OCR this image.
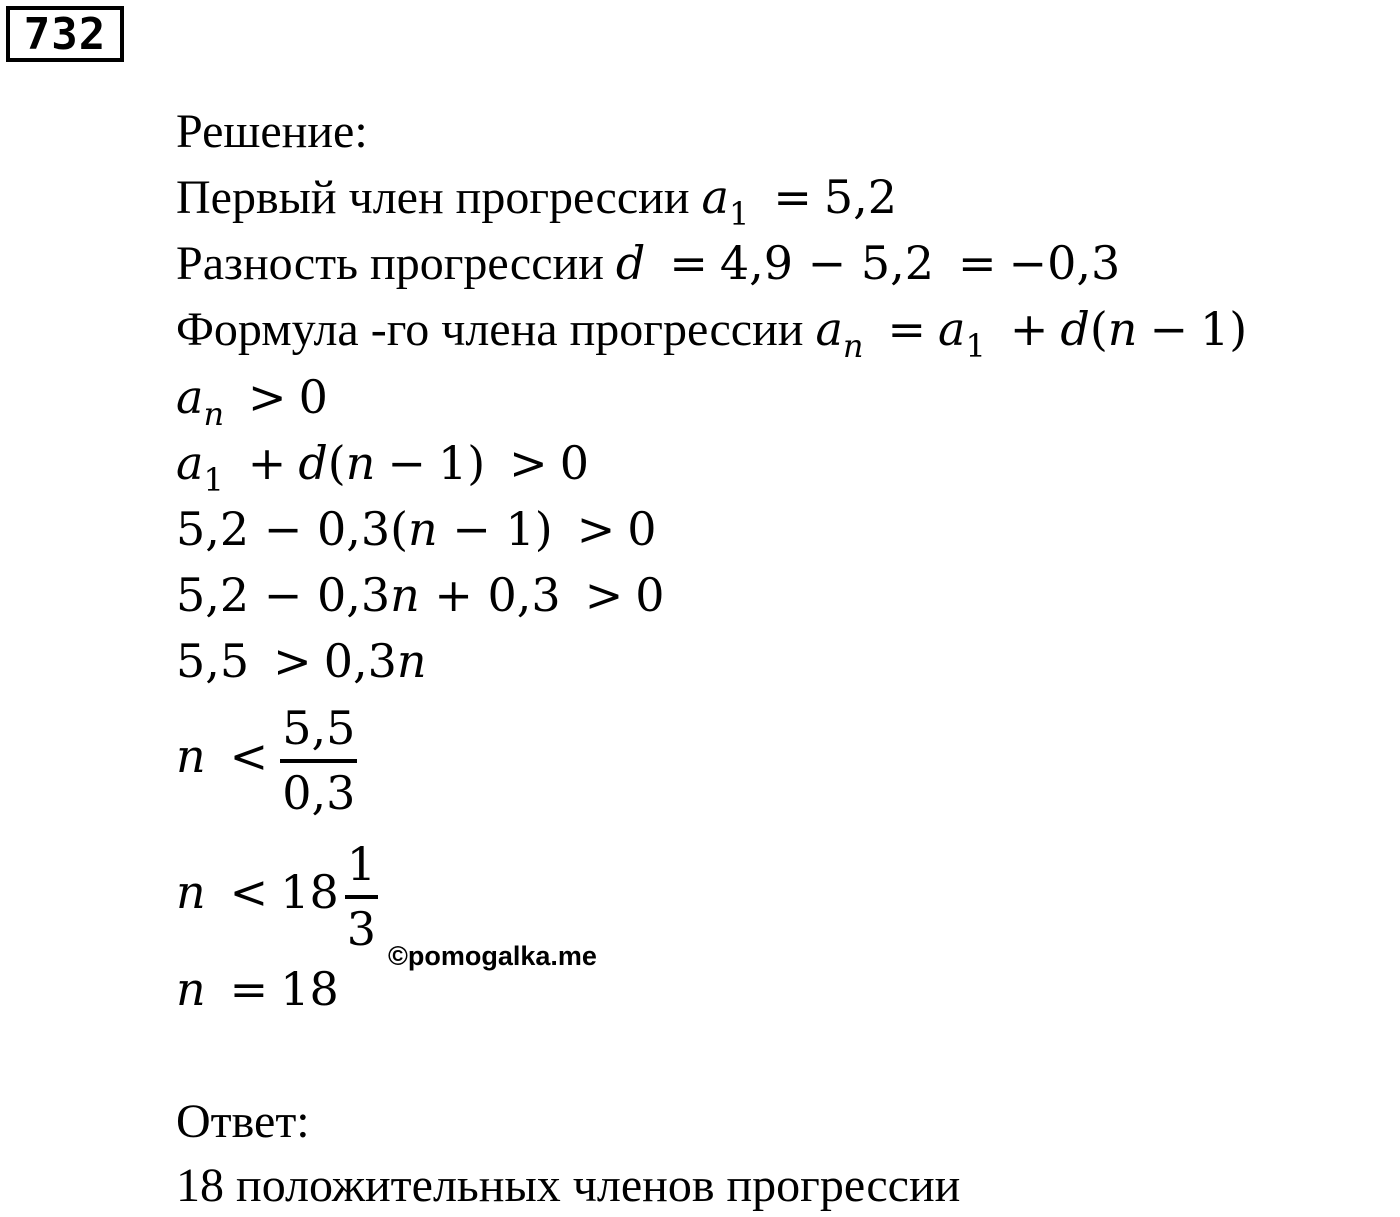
732
Решение:
Первый член прогрессии $a_1 = 5,2$
Разность прогрессии d = 4,9 − 5,2 = −0,3
Формула -го члена прогрессии $a_n = a_1 + d(n - 1)$
$a_n > 0$
$a_1 + d(n - 1) > 0$
5,2 − 0,3(n − 1) > 0
5,2 − 0,3n + 0,3 > 0
5,5 > 0,3n
$n < \frac{5,5}{0,3}$
$n < 18 \frac{1}{3}$
©pomogalka.me
n = 18
Ответ:
18 положительных членов прогрессии
